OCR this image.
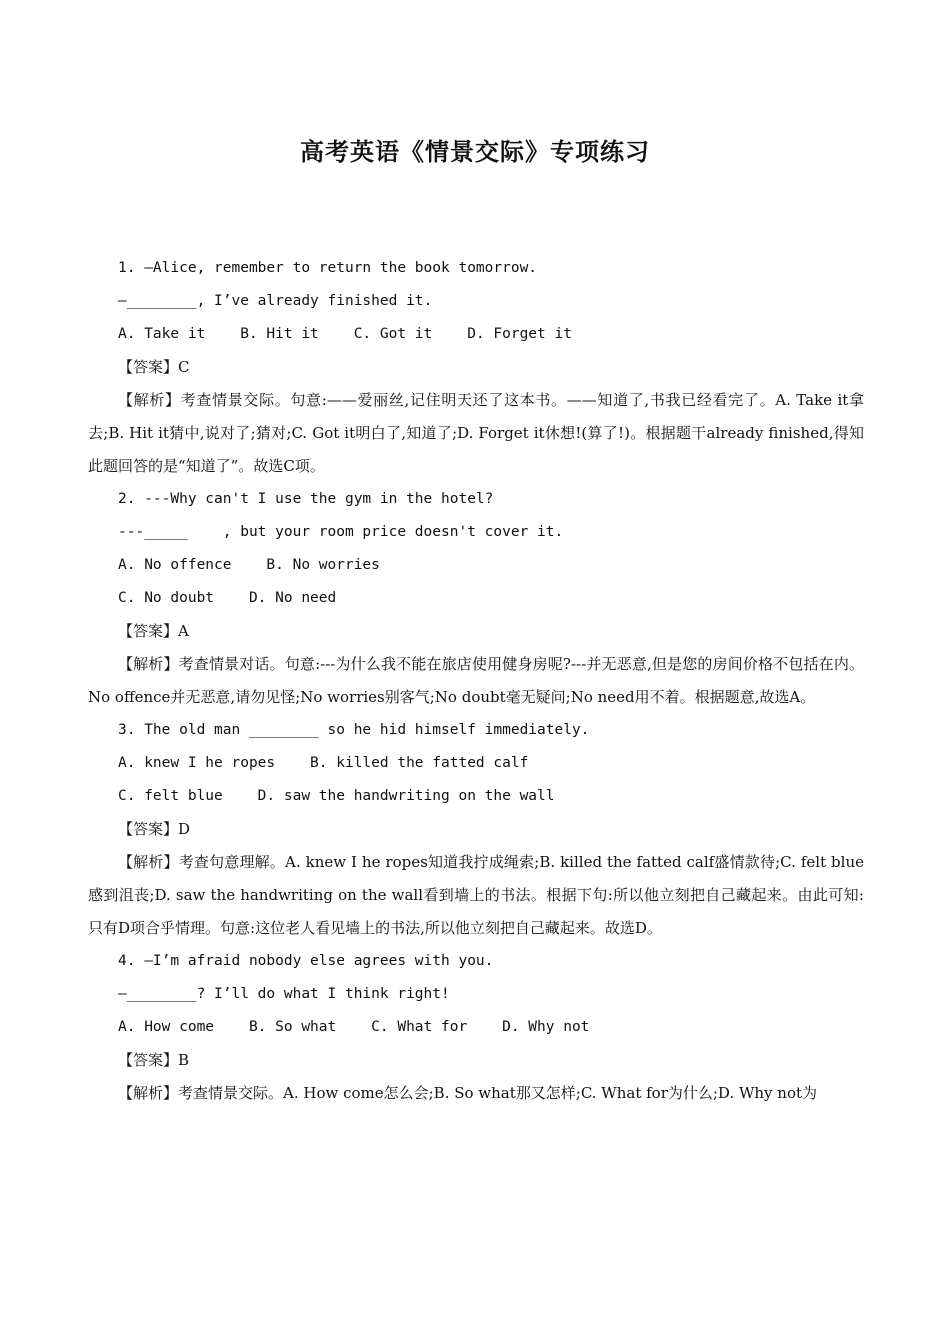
高考英语《情景交际》专项练习
1. —Alice, remember to return the book tomorrow.
—________, I’ve already finished it.
A. Take it    B. Hit it    C. Got it    D. Forget it
【答案】C
【解析】考查情景交际。句意:——爱丽丝,记住明天还了这本书。——知道了,书我已经看完了。A. Take it拿去;B. Hit it猜中,说对了;猜对;C. Got it明白了,知道了;D. Forget it休想!(算了!)。根据题干already finished,得知此题回答的是“知道了”。故选C项。
2. ---Why can't I use the gym in the hotel?
---_____    , but your room price doesn't cover it.
A. No offence    B. No worries
C. No doubt    D. No need
【答案】A
【解析】考查情景对话。句意:---为什么我不能在旅店使用健身房呢?---并无恶意,但是您的房间价格不包括在内。No offence并无恶意,请勿见怪;No worries别客气;No doubt毫无疑问;No need用不着。根据题意,故选A。
3. The old man ________ so he hid himself immediately.
A. knew I he ropes    B. killed the fatted calf
C. felt blue    D. saw the handwriting on the wall
【答案】D
【解析】考查句意理解。A. knew I he ropes知道我拧成绳索;B. killed the fatted calf盛情款待;C. felt blue感到沮丧;D. saw the handwriting on the wall看到墙上的书法。根据下句:所以他立刻把自己藏起来。由此可知:只有D项合乎情理。句意:这位老人看见墙上的书法,所以他立刻把自己藏起来。故选D。
4. —I’m afraid nobody else agrees with you.
—________? I’ll do what I think right!
A. How come    B. So what    C. What for    D. Why not
【答案】B
【解析】考查情景交际。A. How come怎么会;B. So what那又怎样;C. What for为什么;D. Why not为
